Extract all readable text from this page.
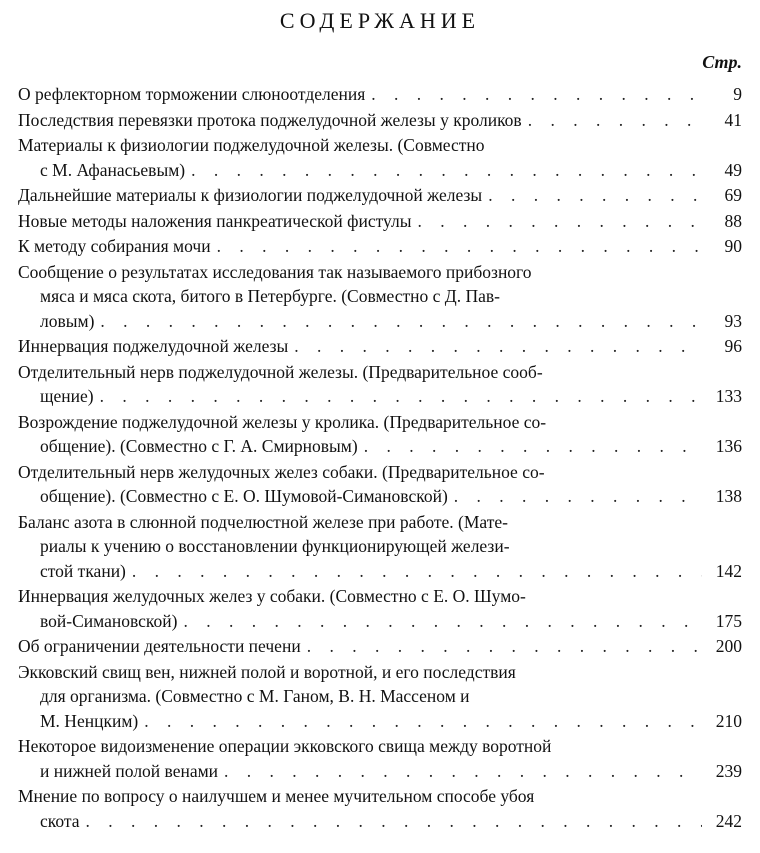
СОДЕРЖАНИЕ
Стр.
О рефлекторном торможении слюноотделения . . .	9
Последствия перевязки протока поджелудочной железы у кроликов . . .	41
Материалы к физиологии поджелудочной железы. (Совместно
с М. Афанасьевым) . . .	49
Дальнейшие материалы к физиологии поджелудочной железы . . .	69
Новые методы наложения панкреатической фистулы . . .	88
К методу собирания мочи . . .	90
Сообщение о результатах исследования так называемого прибозного
мяса и мяса скота, битого в Петербурге. (Совместно с Д. Пав-
ловым) . . .	93
Иннервация поджелудочной железы . . .	96
Отделительный нерв поджелудочной железы. (Предварительное сооб-
щение) . . .	133
Возрождение поджелудочной железы у кролика. (Предварительное со-
общение). (Совместно с Г. А. Смирновым) . . .	136
Отделительный нерв желудочных желез собаки. (Предварительное со-
общение). (Совместно с Е. О. Шумовой-Симановской) . . .	138
Баланс азота в слюнной подчелюстной железе при работе. (Мате-
риалы к учению о восстановлении функционирующей желези-
стой ткани) . . .	142
Иннервация желудочных желез у собаки. (Совместно с Е. О. Шумо-
вой-Симановской) . . .	175
Об ограничении деятельности печени . . .	200
Экковский свищ вен, нижней полой и воротной, и его последствия
для организма. (Совместно с М. Ганом, В. Н. Массеном и
М. Ненцким) . . .	210
Некоторое видоизменение операции экковского свища между воротной
и нижней полой венами . . .	239
Мнение по вопросу о наилучшем и менее мучительном способе убоя
скота . . .	242
